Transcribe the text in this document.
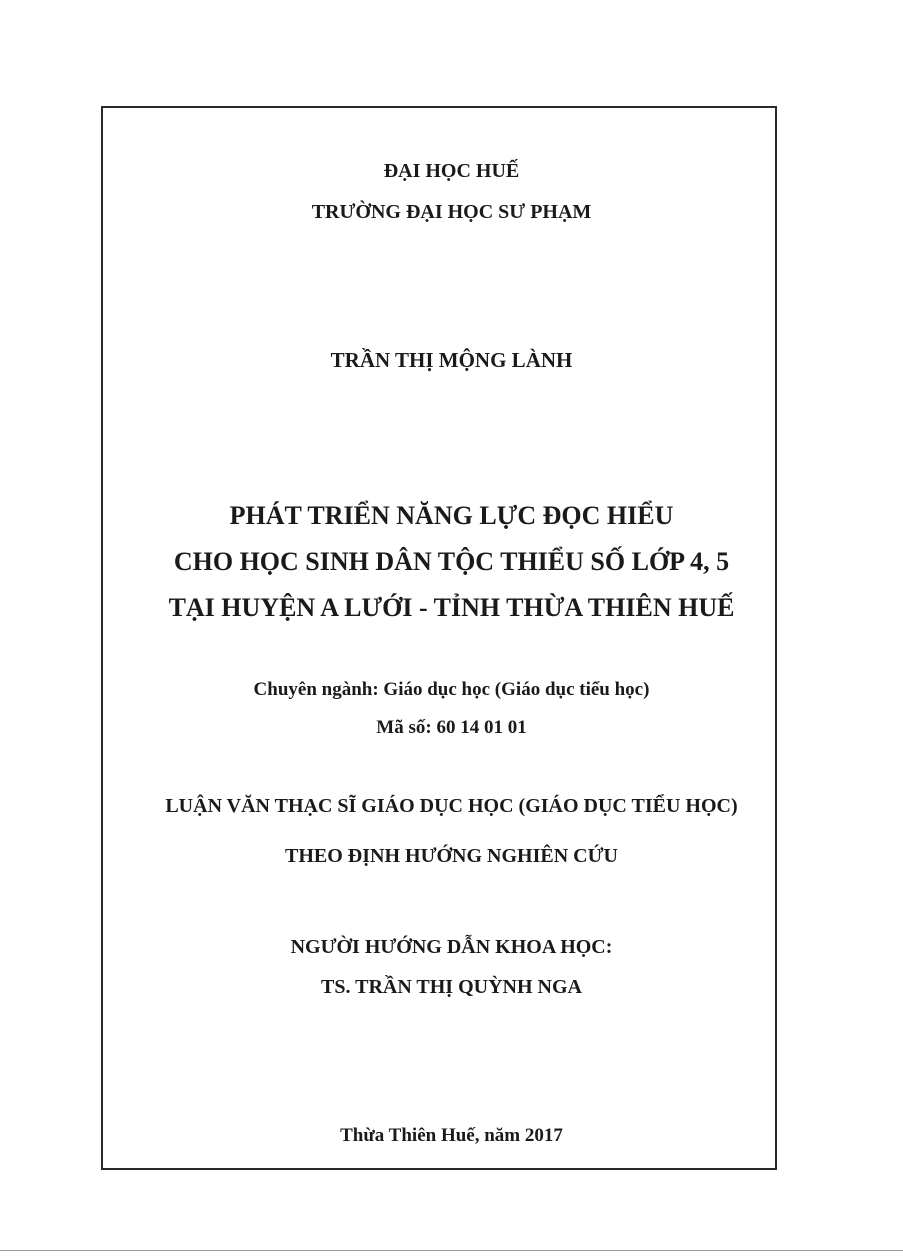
ĐẠI HỌC HUẾ
TRƯỜNG ĐẠI HỌC SƯ PHẠM
TRẦN THỊ MỘNG LÀNH
PHÁT TRIỂN NĂNG LỰC ĐỌC HIỂU
CHO HỌC SINH DÂN TỘC THIỂU SỐ LỚP 4, 5
TẠI HUYỆN A LƯỚI - TỈNH THỪA THIÊN HUẾ
Chuyên ngành: Giáo dục học (Giáo dục tiểu học)
Mã số: 60 14 01 01
LUẬN VĂN THẠC SĨ GIÁO DỤC HỌC (GIÁO DỤC TIỂU HỌC)
THEO ĐỊNH HƯỚNG NGHIÊN CỨU
NGƯỜI HƯỚNG DẪN KHOA HỌC:
TS. TRẦN THỊ QUỲNH NGA
Thừa Thiên Huế, năm 2017
